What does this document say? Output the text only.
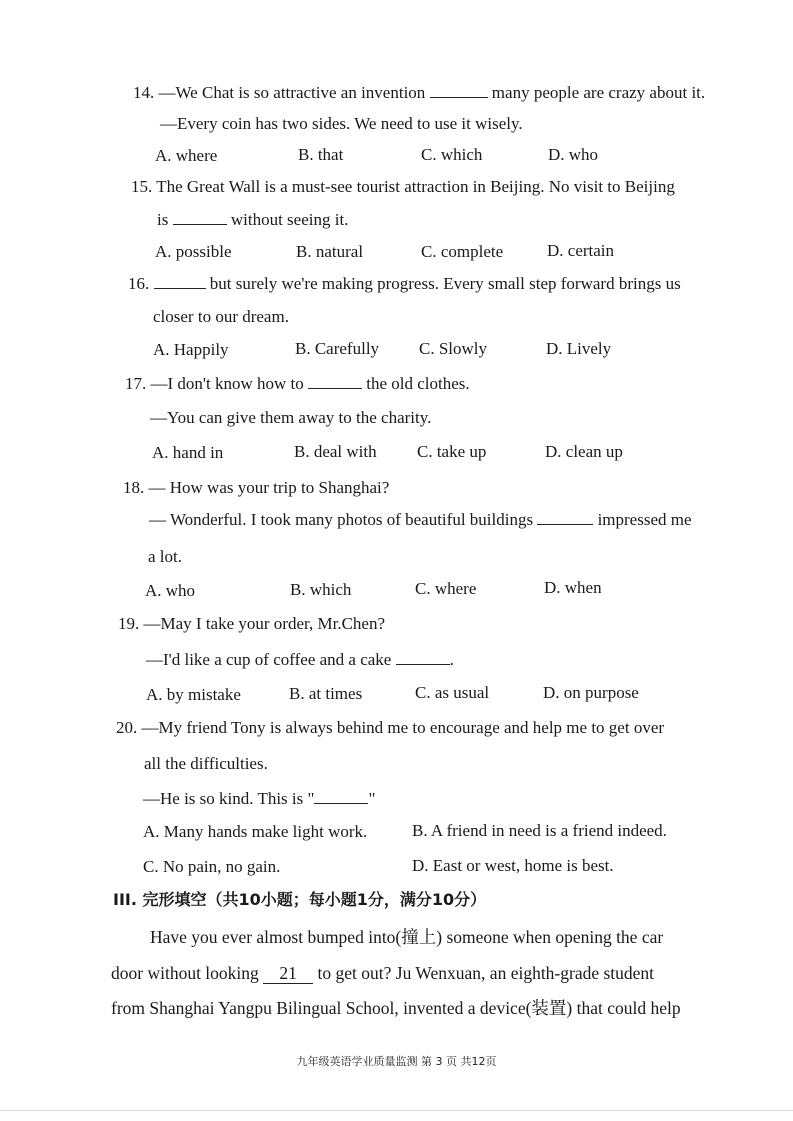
14. —We Chat is so attractive an invention	many people are crazy about it.
—Every coin has two sides. We need to use it wisely.
A. where	B. that	C. which	D. who
15. The Great Wall is a must-see tourist attraction in Beijing. No visit to Beijing
is	without seeing it.
A. possible	B. natural	C. complete	D. certain
16.	but surely we're making progress. Every small step forward brings us
closer to our dream.
A. Happily	B. Carefully C. Slowly	D. Lively
17. —I don't know how to	the old clothes.
—You can give them away to the charity.
A. hand in	B. deal with C. take up	D. clean up
18. — How was your trip to Shanghai?
— Wonderful. I took many photos of beautiful buildings	impressed me
a lot.
A. who	B. which	C. where	D. when
19. —May I take your order, Mr.Chen?
—I'd like a cup of coffee and a cake	.
A. by mistake	B. at times	C. as usual	D. on purpose
20. —My friend Tony is always behind me to encourage and help me to get over
all the difficulties.
—He is so kind. This is "	"
A. Many hands make light work.	B. A friend in need is a friend indeed.
C. No pain, no gain.	D. East or west, home is best.
III. 完形填空（共10小题；每小题1分，满分10分）
Have you ever almost bumped into(撞上) someone when opening the car
door without looking 21 to get out? Ju Wenxuan, an eighth-grade student
from Shanghai Yangpu Bilingual School, invented a device(装置) that could help
九年级英语学业质量监测 第 3 页 共12页
